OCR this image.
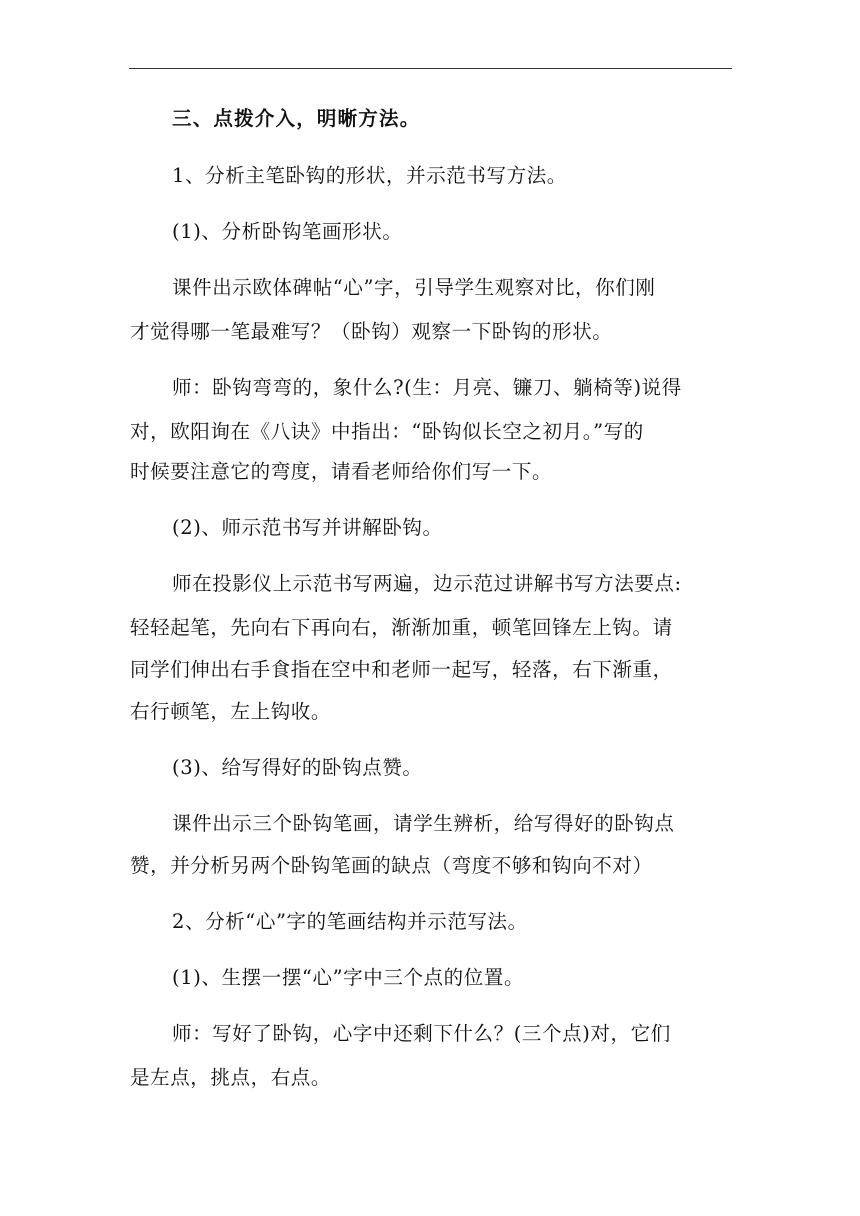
三、点拨介入，明晰方法。
1、分析主笔卧钩的形状，并示范书写方法。
(1)、分析卧钩笔画形状。
课件出示欧体碑帖“心”字，引导学生观察对比，你们刚
才觉得哪一笔最难写？（卧钩）观察一下卧钩的形状。
师：卧钩弯弯的，象什么?(生：月亮、镰刀、躺椅等)说得
对，欧阳询在《八诀》中指出：“卧钩似长空之初月。”写的
时候要注意它的弯度，请看老师给你们写一下。
(2)、师示范书写并讲解卧钩。
师在投影仪上示范书写两遍，边示范过讲解书写方法要点:
轻轻起笔，先向右下再向右，渐渐加重，顿笔回锋左上钩。请
同学们伸出右手食指在空中和老师一起写，轻落，右下渐重，
右行顿笔，左上钩收。
(3)、给写得好的卧钩点赞。
课件出示三个卧钩笔画，请学生辨析，给写得好的卧钩点
赞，并分析另两个卧钩笔画的缺点（弯度不够和钩向不对）
2、分析“心”字的笔画结构并示范写法。
(1)、生摆一摆“心”字中三个点的位置。
师：写好了卧钩，心字中还剩下什么？(三个点)对，它们
是左点，挑点，右点。
